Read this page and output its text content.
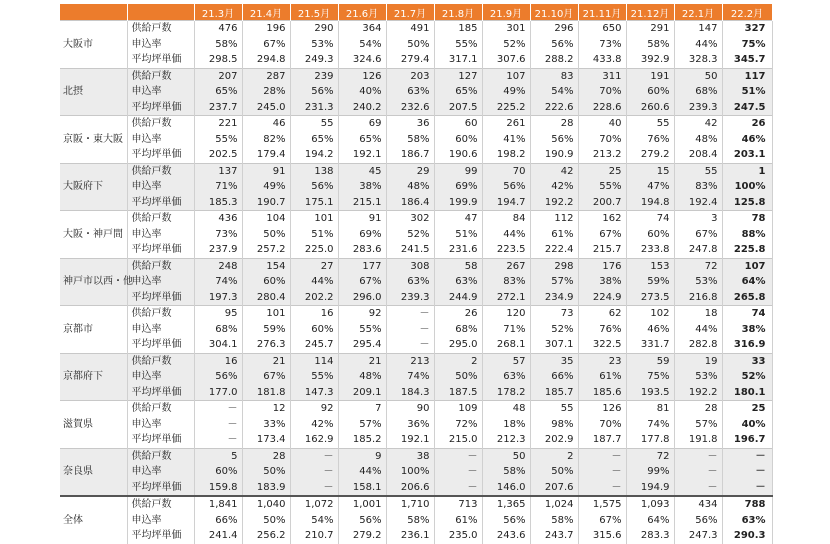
		21.3月	21.4月	21.5月	21.6月	21.7月	21.8月	21.9月	21.10月	21.11月	21.12月	22.1月	22.2月
大阪市	供給戸数	476	196	290	364	491	185	301	296	650	291	147	327
	申込率	58%	67%	53%	54%	50%	55%	52%	56%	73%	58%	44%	75%
	平均坪単価	298.5	294.8	249.3	324.6	279.4	317.1	307.6	288.2	433.8	392.9	328.3	345.7
北摂	供給戸数	207	287	239	126	203	127	107	83	311	191	50	117
	申込率	65%	28%	56%	40%	63%	65%	49%	54%	70%	60%	68%	51%
	平均坪単価	237.7	245.0	231.3	240.2	232.6	207.5	225.2	222.6	228.6	260.6	239.3	247.5
京阪・東大阪	供給戸数	221	46	55	69	36	60	261	28	40	55	42	26
	申込率	55%	82%	65%	65%	58%	60%	41%	56%	70%	76%	48%	46%
	平均坪単価	202.5	179.4	194.2	192.1	186.7	190.6	198.2	190.9	213.2	279.2	208.4	203.1
大阪府下	供給戸数	137	91	138	45	29	99	70	42	25	15	55	1
	申込率	71%	49%	56%	38%	48%	69%	56%	42%	55%	47%	83%	100%
	平均坪単価	185.3	190.7	175.1	215.1	186.4	199.9	194.7	192.2	200.7	194.8	192.4	125.8
大阪・神戸間	供給戸数	436	104	101	91	302	47	84	112	162	74	3	78
	申込率	73%	50%	51%	69%	52%	51%	44%	61%	67%	60%	67%	88%
	平均坪単価	237.9	257.2	225.0	283.6	241.5	231.6	223.5	222.4	215.7	233.8	247.8	225.8
神戸市以西・他	供給戸数	248	154	27	177	308	58	267	298	176	153	72	107
	申込率	74%	60%	44%	67%	63%	63%	83%	57%	38%	59%	53%	64%
	平均坪単価	197.3	280.4	202.2	296.0	239.3	244.9	272.1	234.9	224.9	273.5	216.8	265.8
京都市	供給戸数	95	101	16	92	－	26	120	73	62	102	18	74
	申込率	68%	59%	60%	55%	－	68%	71%	52%	76%	46%	44%	38%
	平均坪単価	304.1	276.3	245.7	295.4	－	295.0	268.1	307.1	322.5	331.7	282.8	316.9
京都府下	供給戸数	16	21	114	21	213	2	57	35	23	59	19	33
	申込率	56%	67%	55%	48%	74%	50%	63%	66%	61%	75%	53%	52%
	平均坪単価	177.0	181.8	147.3	209.1	184.3	187.5	178.2	185.7	185.6	193.5	192.2	180.1
滋賀県	供給戸数	－	12	92	7	90	109	48	55	126	81	28	25
	申込率	－	33%	42%	57%	36%	72%	18%	98%	70%	74%	57%	40%
	平均坪単価	－	173.4	162.9	185.2	192.1	215.0	212.3	202.9	187.7	177.8	191.8	196.7
奈良県	供給戸数	5	28	－	9	38	－	50	2	－	72	－	－
	申込率	60%	50%	－	44%	100%	－	58%	50%	－	99%	－	－
	平均坪単価	159.8	183.9	－	158.1	206.6	－	146.0	207.6	－	194.9	－	－
全体	供給戸数	1,841	1,040	1,072	1,001	1,710	713	1,365	1,024	1,575	1,093	434	788
	申込率	66%	50%	54%	56%	58%	61%	56%	58%	67%	64%	56%	63%
	平均坪単価	241.4	256.2	210.7	279.2	236.1	235.0	243.6	243.7	315.6	283.3	247.3	290.3
